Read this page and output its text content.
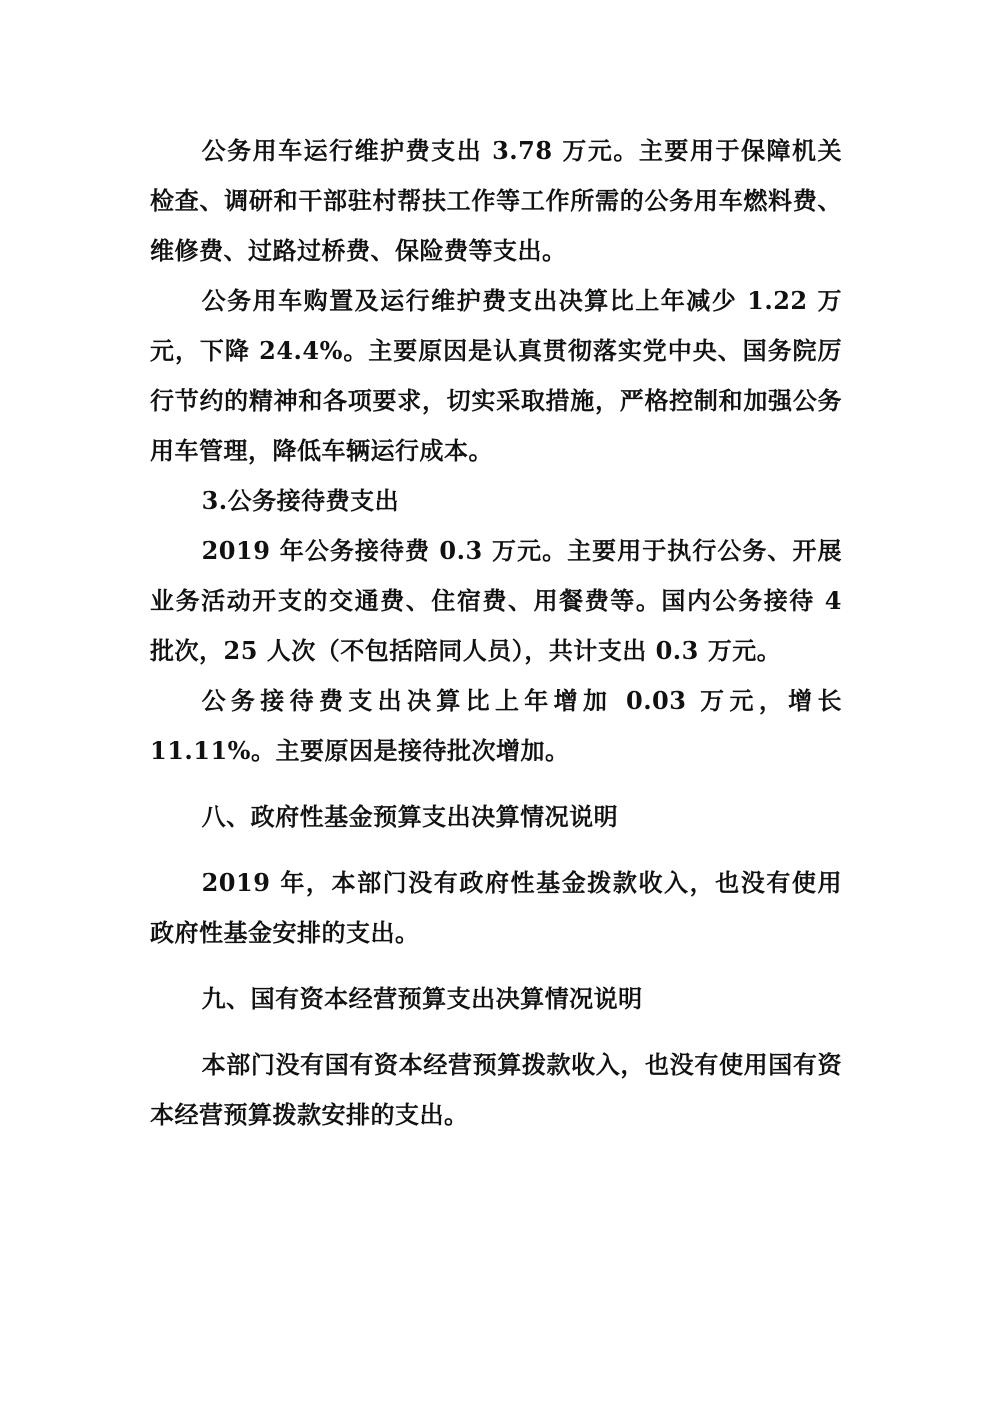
公务用车运行维护费支出 3.78 万元。主要用于保障机关检查、调研和干部驻村帮扶工作等工作所需的公务用车燃料费、 维修费、过路过桥费、保险费等支出。

公务用车购置及运行维护费支出决算比上年减少 1.22 万元，下降 24.4%。主要原因是认真贯彻落实党中央、国务院厉行节约的精神和各项要求，切实采取措施，严格控制和加强公务用车管理，降低车辆运行成本。

3.公务接待费支出

2019 年公务接待费 0.3 万元。主要用于执行公务、开展业务活动开支的交通费、住宿费、用餐费等。国内公务接待 4 批次，25 人次（不包括陪同人员），共计支出 0.3 万元。

公务接待费支出决算比上年增加 0.03 万元，增长 11.11%。主要原因是接待批次增加。

八、政府性基金预算支出决算情况说明

2019 年，本部门没有政府性基金拨款收入，也没有使用政府性基金安排的支出。

九、国有资本经营预算支出决算情况说明

本部门没有国有资本经营预算拨款收入，也没有使用国有资本经营预算拨款安排的支出。
